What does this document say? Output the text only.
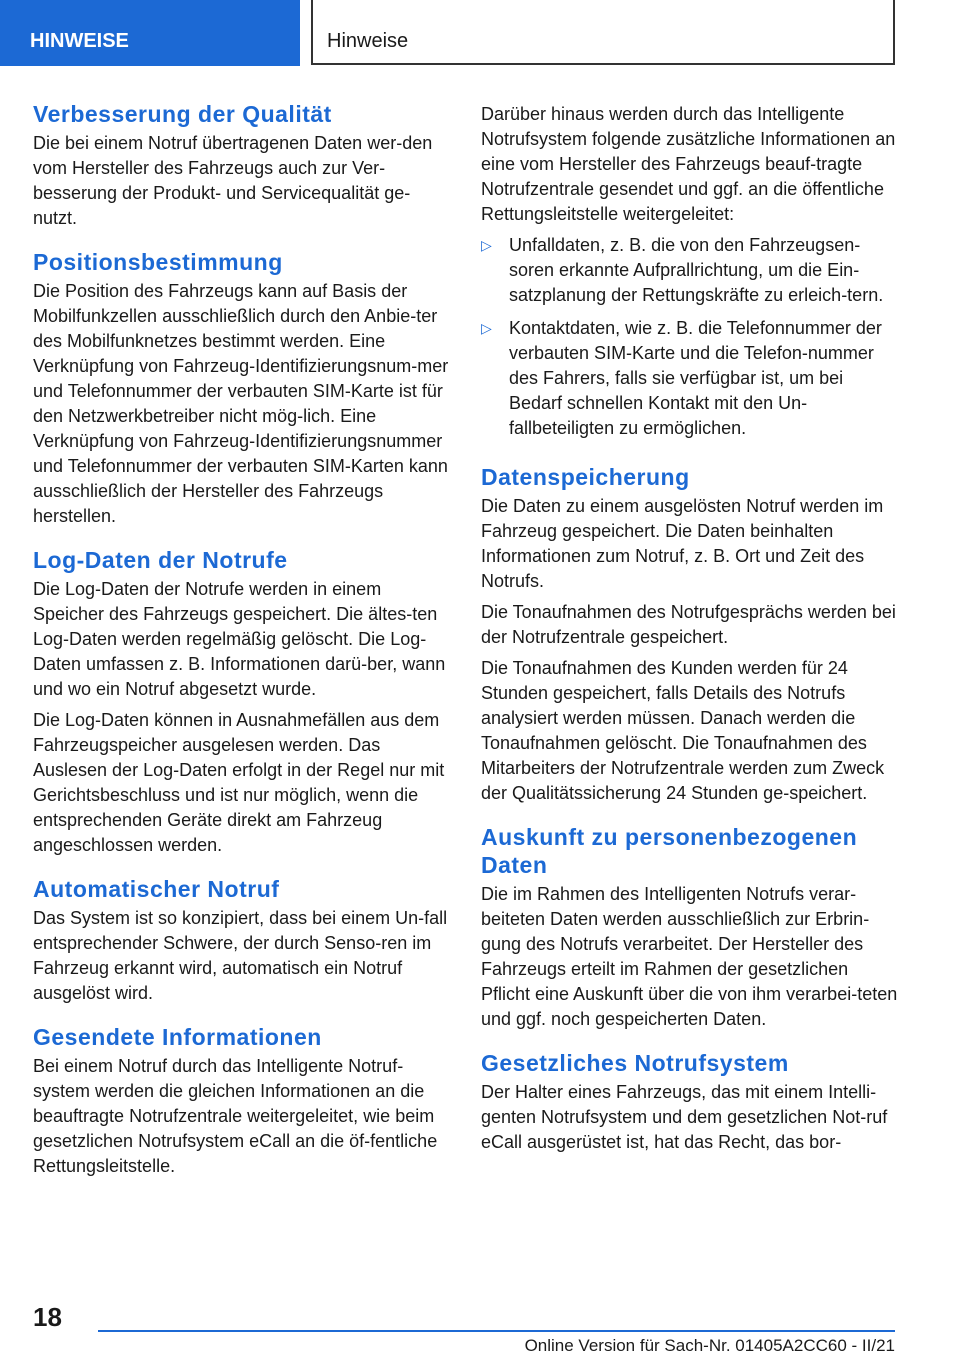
HINWEISE	Hinweise
Verbesserung der Qualität

Die bei einem Notruf übertragenen Daten wer-den vom Hersteller des Fahrzeugs auch zur Ver-besserung der Produkt- und Servicequalität ge-nutzt.

Positionsbestimmung

Die Position des Fahrzeugs kann auf Basis der Mobilfunkzellen ausschließlich durch den Anbie-ter des Mobilfunknetzes bestimmt werden. Eine Verknüpfung von Fahrzeug-Identifizierungsnum-mer und Telefonnummer der verbauten SIM-Karte ist für den Netzwerkbetreiber nicht mög-lich. Eine Verknüpfung von Fahrzeug-Identifizierungsnummer und Telefonnummer der verbauten SIM-Karten kann ausschließlich der Hersteller des Fahrzeugs herstellen.

Log-Daten der Notrufe

Die Log-Daten der Notrufe werden in einem Speicher des Fahrzeugs gespeichert. Die ältes-ten Log-Daten werden regelmäßig gelöscht. Die Log-Daten umfassen z. B. Informationen darü-ber, wann und wo ein Notruf abgesetzt wurde.

Die Log-Daten können in Ausnahmefällen aus dem Fahrzeugspeicher ausgelesen werden. Das Auslesen der Log-Daten erfolgt in der Regel nur mit Gerichtsbeschluss und ist nur möglich, wenn die entsprechenden Geräte direkt am Fahrzeug angeschlossen werden.

Automatischer Notruf

Das System ist so konzipiert, dass bei einem Un-fall entsprechender Schwere, der durch Senso-ren im Fahrzeug erkannt wird, automatisch ein Notruf ausgelöst wird.

Gesendete Informationen

Bei einem Notruf durch das Intelligente Notruf-system werden die gleichen Informationen an die beauftragte Notrufzentrale weitergeleitet, wie beim gesetzlichen Notrufsystem eCall an die öf-fentliche Rettungsleitstelle.

Darüber hinaus werden durch das Intelligente Notrufsystem folgende zusätzliche Informationen an eine vom Hersteller des Fahrzeugs beauf-tragte Notrufzentrale gesendet und ggf. an die öffentliche Rettungsleitstelle weitergeleitet:

▷ Unfalldaten, z. B. die von den Fahrzeugsen-soren erkannte Aufprallrichtung, um die Ein-satzplanung der Rettungskräfte zu erleich-tern.
▷ Kontaktdaten, wie z. B. die Telefonnummer der verbauten SIM-Karte und die Telefon-nummer des Fahrers, falls sie verfügbar ist, um bei Bedarf schnellen Kontakt mit den Un-fallbeteiligten zu ermöglichen.
Datenspeicherung

Die Daten zu einem ausgelösten Notruf werden im Fahrzeug gespeichert. Die Daten beinhalten Informationen zum Notruf, z. B. Ort und Zeit des Notrufs.

Die Tonaufnahmen des Notrufgesprächs werden bei der Notrufzentrale gespeichert.

Die Tonaufnahmen des Kunden werden für 24 Stunden gespeichert, falls Details des Notrufs analysiert werden müssen. Danach werden die Tonaufnahmen gelöscht. Die Tonaufnahmen des Mitarbeiters der Notrufzentrale werden zum Zweck der Qualitätssicherung 24 Stunden ge-speichert.

Auskunft zu personenbezogenen Daten

Die im Rahmen des Intelligenten Notrufs verar-beiteten Daten werden ausschließlich zur Erbrin-gung des Notrufs verarbeitet. Der Hersteller des Fahrzeugs erteilt im Rahmen der gesetzlichen Pflicht eine Auskunft über die von ihm verarbei-teten und ggf. noch gespeicherten Daten.

Gesetzliches Notrufsystem

Der Halter eines Fahrzeugs, das mit einem Intelli-genten Notrufsystem und dem gesetzlichen Not-ruf eCall ausgerüstet ist, hat das Recht, das bor-

18
Online Version für Sach-Nr. 01405A2CC60 - II/21
